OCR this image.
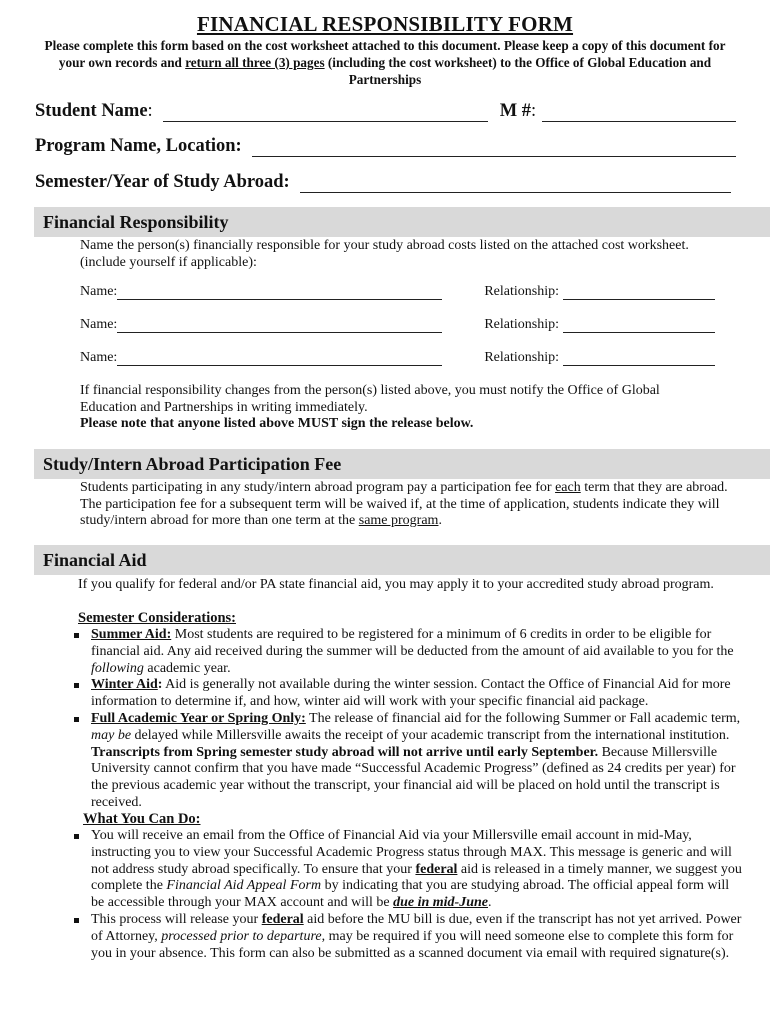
FINANCIAL RESPONSIBILITY FORM
Please complete this form based on the cost worksheet attached to this document. Please keep a copy of this document for your own records and return all three (3) pages (including the cost worksheet) to the Office of Global Education and Partnerships
Student Name :	M # :
Program Name, Location:
Semester/Year of Study Abroad:
Financial Responsibility
Name the person(s) financially responsible for your study abroad costs listed on the attached cost worksheet. (include yourself if applicable):
Name:	Relationship:
Name:	Relationship:
Name:	Relationship:
If financial responsibility changes from the person(s) listed above, you must notify the Office of Global Education and Partnerships in writing immediately.
Please note that anyone listed above MUST sign the release below.
Study/Intern Abroad Participation Fee
Students participating in any study/intern abroad program pay a participation fee for each term that they are abroad. The participation fee for a subsequent term will be waived if, at the time of application, students indicate they will study/intern abroad for more than one term at the same program.
Financial Aid
If you qualify for federal and/or PA state financial aid, you may apply it to your accredited study abroad program.
Semester Considerations:
Summer Aid: Most students are required to be registered for a minimum of 6 credits in order to be eligible for financial aid. Any aid received during the summer will be deducted from the amount of aid available to you for the following academic year.
Winter Aid: Aid is generally not available during the winter session. Contact the Office of Financial Aid for more information to determine if, and how, winter aid will work with your specific financial aid package.
Full Academic Year or Spring Only: The release of financial aid for the following Summer or Fall academic term, may be delayed while Millersville awaits the receipt of your academic transcript from the international institution. Transcripts from Spring semester study abroad will not arrive until early September. Because Millersville University cannot confirm that you have made “Successful Academic Progress” (defined as 24 credits per year) for the previous academic year without the transcript, your financial aid will be placed on hold until the transcript is received.
What You Can Do:
You will receive an email from the Office of Financial Aid via your Millersville email account in mid-May, instructing you to view your Successful Academic Progress status through MAX. This message is generic and will not address study abroad specifically. To ensure that your federal aid is released in a timely manner, we suggest you complete the Financial Aid Appeal Form by indicating that you are studying abroad. The official appeal form will be accessible through your MAX account and will be due in mid-June.
This process will release your federal aid before the MU bill is due, even if the transcript has not yet arrived. Power of Attorney, processed prior to departure, may be required if you will need someone else to complete this form for you in your absence. This form can also be submitted as a scanned document via email with required signature(s).
